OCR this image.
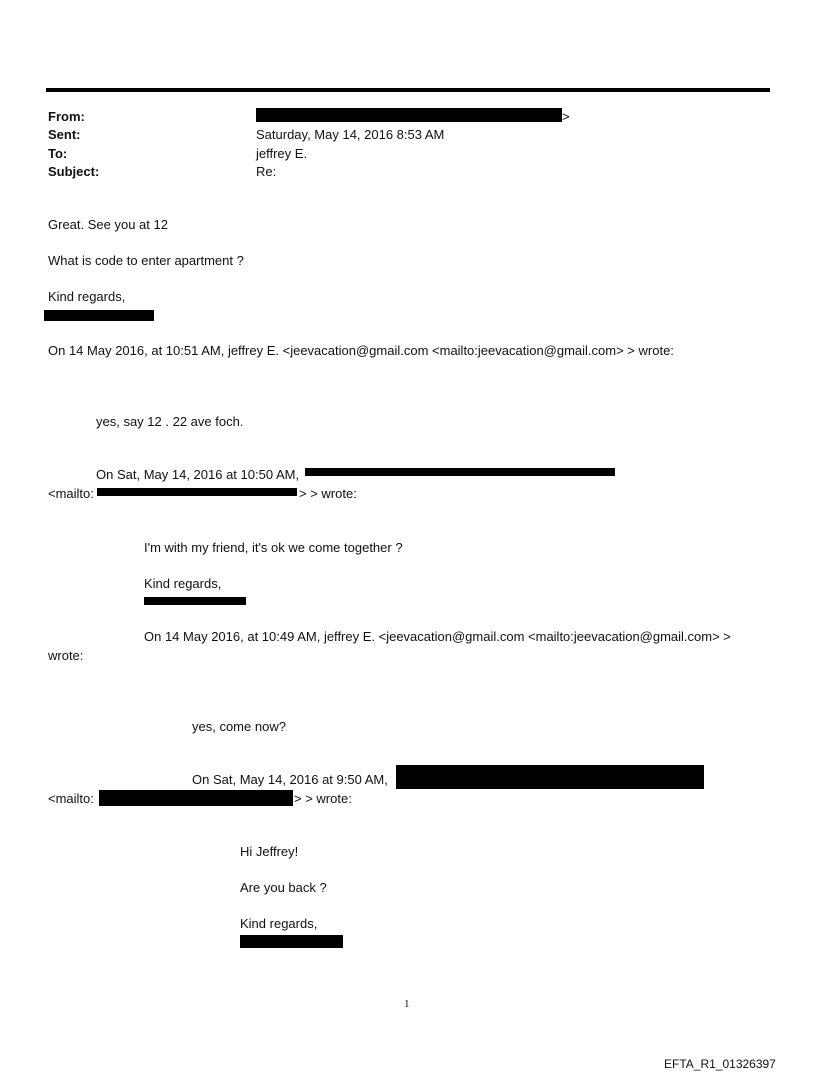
From:	>
Sent:	Saturday, May 14, 2016 8:53 AM
To:	jeffrey E.
Subject:	Re:
Great. See you at 12
What is code to enter apartment ?
Kind regards,
On 14 May 2016, at 10:51 AM, jeffrey E. <jeevacation@gmail.com <mailto:jeevacation@gmail.com> > wrote:
yes, say 12 . 22 ave foch.
On Sat, May 14, 2016 at 10:50 AM,
<mailto:	> > wrote:
I'm with my friend, it's ok we come together ?
Kind regards,
On 14 May 2016, at 10:49 AM, jeffrey E. <jeevacation@gmail.com <mailto:jeevacation@gmail.com> >
wrote:
yes, come now?
On Sat, May 14, 2016 at 9:50 AM,
<mailto:	> > wrote:
Hi Jeffrey!
Are you back ?
Kind regards,
1
EFTA_R1_01326397
